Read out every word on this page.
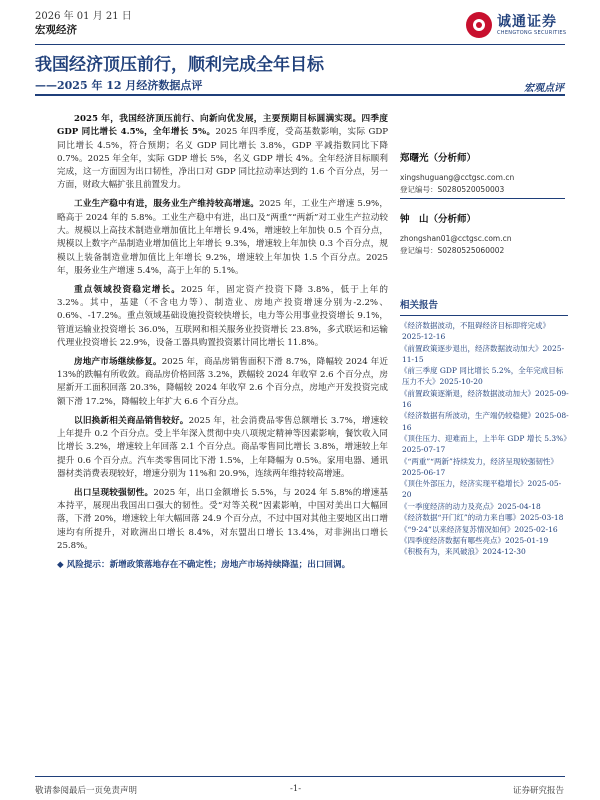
2026 年 01 月 21 日
宏观经济	诚通证券
CHENGTONG SECURITIES
我国经济顶压前行，顺利完成全年目标
——2025 年 12 月经济数据点评	宏观点评

2025 年，我国经济顶压前行、向新向优发展，主要预期目标圆满实现。四季度 GDP 同比增长 4.5%，全年增长 5%。2025 年四季度，受高基数影响，实际 GDP 同比增长 4.5%，符合预期；名义 GDP 同比增长 3.8%，GDP 平减指数同比下降 0.7%。2025 年全年，实际 GDP 增长 5%，名义 GDP 增长 4%。全年经济目标顺利完成，这一方面因为出口韧性，净出口对 GDP 同比拉动率达到约 1.6 个百分点，另一方面，财政大幅扩张且前置发力。

工业生产稳中有进，服务业生产维持较高增速。2025 年，工业生产增速 5.9%，略高于 2024 年的 5.8%。工业生产稳中有进，出口及“两重”“两新”对工业生产拉动较大。规模以上高技术制造业增加值比上年增长 9.4%，增速较上年加快 0.5 个百分点，规模以上数字产品制造业增加值比上年增长 9.3%，增速较上年加快 0.3 个百分点，规模以上装备制造业增加值比上年增长 9.2%，增速较上年加快 1.5 个百分点。2025 年，服务业生产增速 5.4%，高于上年的 5.1%。

重点领域投资稳定增长。2025 年，固定资产投资下降 3.8%，低于上年的 3.2%。其中，基建（不含电力等）、制造业、房地产投资增速分别为-2.2%、0.6%、-17.2%。重点领域基础设施投资较快增长，电力等公用事业投资增长 9.1%，管道运输业投资增长 36.0%，互联网和相关服务业投资增长 23.8%，多式联运和运输代理业投资增长 22.9%，设备工器具购置投资累计同比增长 11.8%。

房地产市场继续修复。2025 年，商品房销售面积下滑 8.7%，降幅较 2024 年近 13%的跌幅有所收敛。商品房价格回落 3.2%，跌幅较 2024 年收窄 2.6 个百分点，房屋新开工面积回落 20.3%，降幅较 2024 年收窄 2.6 个百分点，房地产开发投资完成额下滑 17.2%，降幅较上年扩大 6.6 个百分点。

以旧换新相关商品销售较好。2025 年，社会消费品零售总额增长 3.7%，增速较上年提升 0.2 个百分点。受上半年深入贯彻中央八项规定精神等因素影响，餐饮收入同比增长 3.2%，增速较上年回落 2.1 个百分点。商品零售同比增长 3.8%，增速较上年提升 0.6 个百分点。汽车类零售同比下滑 1.5%，上年降幅为 0.5%。家用电器、通讯器材类消费表现较好，增速分别为 11%和 20.9%，连续两年维持较高增速。

出口呈现较强韧性。2025 年，出口金额增长 5.5%，与 2024 年 5.8%的增速基本持平，展现出我国出口强大的韧性。受“对等关税”因素影响，中国对美出口大幅回落，下滑 20%，增速较上年大幅回落 24.9 个百分点，不过中国对其他主要地区出口增速均有所提升，对欧洲出口增长 8.4%，对东盟出口增长 13.4%，对非洲出口增长 25.8%。

◆ 风险提示：新增政策落地存在不确定性；房地产市场持续降温；出口回调。

郑曙光（分析师）
xingshuguang@cctgsc.com.cn
登记编号：S0280520050003
钟　山（分析师）
zhongshan01@cctgsc.com.cn
登记编号：S0280525060002
相关报告
《经济数据波动，不阻碍经济目标即将完成》2025-12-16
《前置政策逐步退出，经济数据波动加大》2025-11-15
《前三季度 GDP 同比增长 5.2%，全年完成目标压力不大》2025-10-20
《前置政策逐渐退，经济数据波动加大》2025-09-16
《经济数据有所波动，生产端仍较稳健》2025-08-16
《顶住压力、迎难而上，上半年 GDP 增长 5.3%》2025-07-17
《“两重”“两新”持续发力，经济呈现较强韧性》2025-06-17
《顶住外部压力，经济实现平稳增长》2025-05-20
《一季度经济的动力及亮点》2025-04-18
《经济数据“开门红”的动力来自哪》2025-03-18
《“9·24”以来经济复苏情况如何》2025-02-16
《四季度经济数据有哪些亮点》2025-01-19
《积极有为，来风破浪》2024-12-30
敬请参阅最后一页免责声明	-1-	证券研究报告
